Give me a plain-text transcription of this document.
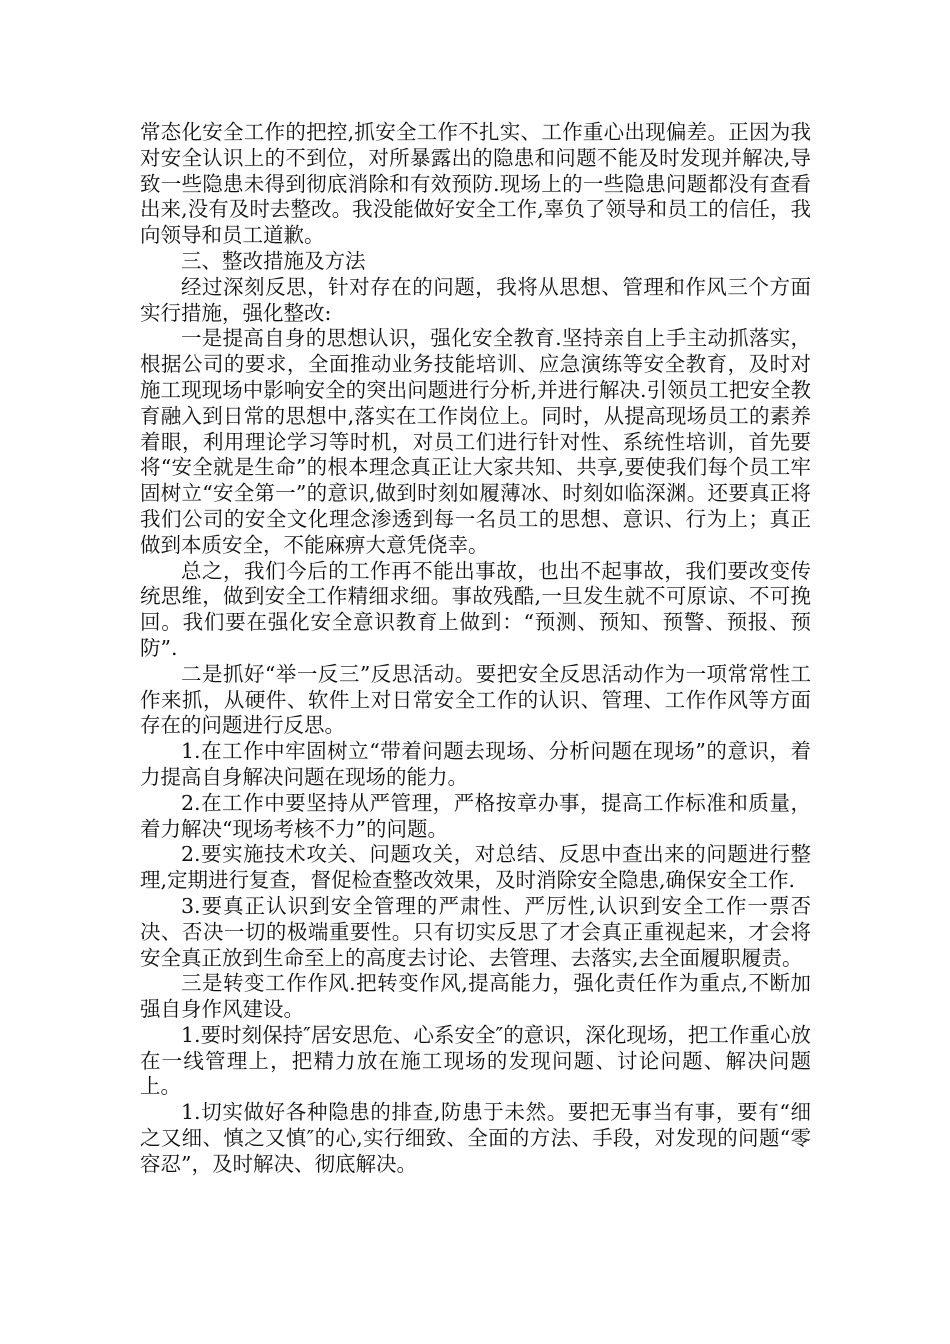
常态化安全工作的把控,抓安全工作不扎实、工作重心出现偏差。正因为我对安全认识上的不到位，对所暴露出的隐患和问题不能及时发现并解决,导致一些隐患未得到彻底消除和有效预防.现场上的一些隐患问题都没有查看出来,没有及时去整改。我没能做好安全工作,辜负了领导和员工的信任，我向领导和员工道歉。

三、整改措施及方法

经过深刻反思，针对存在的问题，我将从思想、管理和作风三个方面实行措施，强化整改:

一是提高自身的思想认识，强化安全教育.坚持亲自上手主动抓落实，根据公司的要求，全面推动业务技能培训、应急演练等安全教育，及时对施工现现场中影响安全的突出问题进行分析,并进行解决.引领员工把安全教育融入到日常的思想中,落实在工作岗位上。同时，从提高现场员工的素养着眼，利用理论学习等时机，对员工们进行针对性、系统性培训，首先要将“安全就是生命”的根本理念真正让大家共知、共享,要使我们每个员工牢固树立“安全第一”的意识,做到时刻如履薄冰、时刻如临深渊。还要真正将我们公司的安全文化理念渗透到每一名员工的思想、意识、行为上；真正做到本质安全，不能麻痹大意凭侥幸。

总之，我们今后的工作再不能出事故，也出不起事故，我们要改变传统思维，做到安全工作精细求细。事故残酷,一旦发生就不可原谅、不可挽回。我们要在强化安全意识教育上做到：“预测、预知、预警、预报、预防”.

二是抓好“举一反三”反思活动。要把安全反思活动作为一项常常性工作来抓，从硬件、软件上对日常安全工作的认识、管理、工作作风等方面存在的问题进行反思。

1.在工作中牢固树立“带着问题去现场、分析问题在现场”的意识，着力提高自身解决问题在现场的能力。

2.在工作中要坚持从严管理，严格按章办事，提高工作标准和质量，着力解决“现场考核不力”的问题。

2.要实施技术攻关、问题攻关，对总结、反思中查出来的问题进行整理,定期进行复查，督促检查整改效果，及时消除安全隐患,确保安全工作.

3.要真正认识到安全管理的严肃性、严厉性,认识到安全工作一票否决、否决一切的极端重要性。只有切实反思了才会真正重视起来，才会将安全真正放到生命至上的高度去讨论、去管理、去落实,去全面履职履责。

三是转变工作作风.把转变作风,提高能力，强化责任作为重点,不断加强自身作风建设。

1.要时刻保持″居安思危、心系安全″的意识，深化现场，把工作重心放在一线管理上，把精力放在施工现场的发现问题、讨论问题、解决问题上。

1.切实做好各种隐患的排查,防患于未然。要把无事当有事，要有“细之又细、慎之又慎″的心,实行细致、全面的方法、手段，对发现的问题“零容忍”，及时解决、彻底解决。
